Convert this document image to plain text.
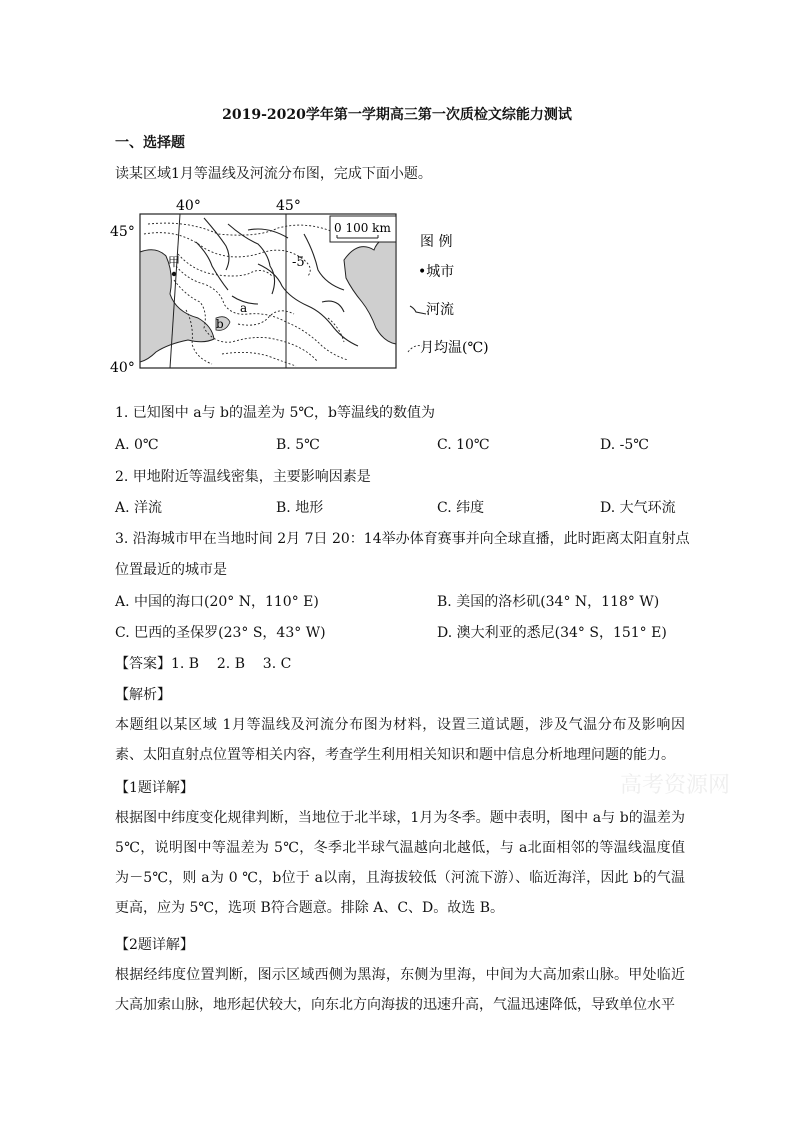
2019-2020学年第一学期高三第一次质检文综能力测试
一、选择题
读某区域1月等温线及河流分布图，完成下面小题。
40°	45°
45°
40°
-5
a
b
甲
0 100 km
图 例
•城市
河流
月均温(℃)
1. 已知图中 a与 b的温差为 5℃，b等温线的数值为
A. 0℃	B. 5℃	C. 10℃	D. -5℃
2. 甲地附近等温线密集，主要影响因素是
A. 洋流	B. 地形	C. 纬度	D. 大气环流
3. 沿海城市甲在当地时间 2月 7日 20：14举办体育赛事并向全球直播，此时距离太阳直射点
位置最近的城市是
A. 中国的海口(20° N，110° E)	B. 美国的洛杉矶(34° N，118° W)
C. 巴西的圣保罗(23° S，43° W)	D. 澳大利亚的悉尼(34° S，151° E)
【答案】1. B    2. B    3. C
【解析】
本题组以某区域 1月等温线及河流分布图为材料，设置三道试题，涉及气温分布及影响因素、太阳直射点位置等相关内容，考查学生利用相关知识和题中信息分析地理问题的能力。
【1题详解】
根据图中纬度变化规律判断，当地位于北半球，1月为冬季。题中表明，图中 a与 b的温差为 5℃，说明图中等温差为 5℃，冬季北半球气温越向北越低，与 a北面相邻的等温线温度值为－5℃，则 a为 0 ℃，b位于 a以南，且海拔较低（河流下游）、临近海洋，因此 b的气温更高，应为 5℃，选项 B符合题意。排除 A、C、D。故选 B。
【2题详解】
根据经纬度位置判断，图示区域西侧为黑海，东侧为里海，中间为大高加索山脉。甲处临近大高加索山脉，地形起伏较大，向东北方向海拔的迅速升高，气温迅速降低，导致单位水平
高考资源网
